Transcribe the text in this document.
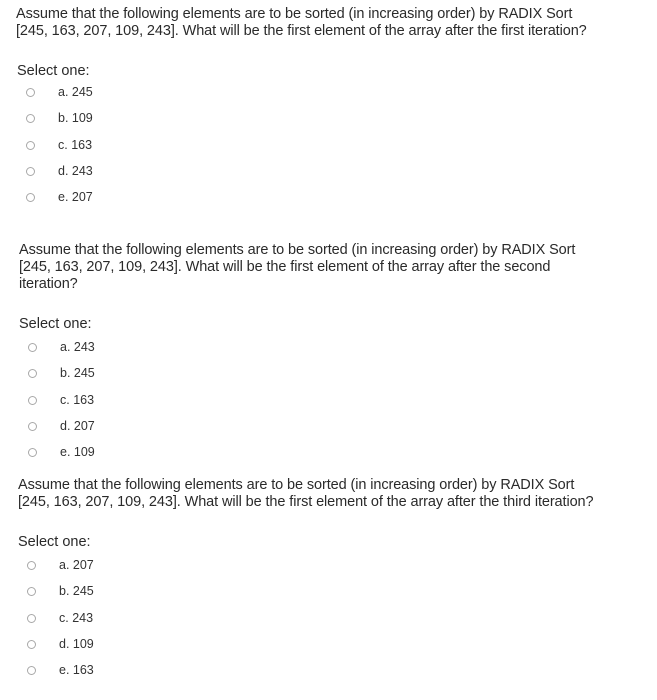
Assume that the following elements are to be sorted (in increasing order) by RADIX Sort
[245, 163, 207, 109, 243]. What will be the first element of the array after the first iteration?
Select one:
a. 245
b. 109
c. 163
d. 243
e. 207
Assume that the following elements are to be sorted (in increasing order) by RADIX Sort
[245, 163, 207, 109, 243]. What will be the first element of the array after the second
iteration?
Select one:
a. 243
b. 245
c. 163
d. 207
e. 109
Assume that the following elements are to be sorted (in increasing order) by RADIX Sort
[245, 163, 207, 109, 243]. What will be the first element of the array after the third iteration?
Select one:
a. 207
b. 245
c. 243
d. 109
e. 163
